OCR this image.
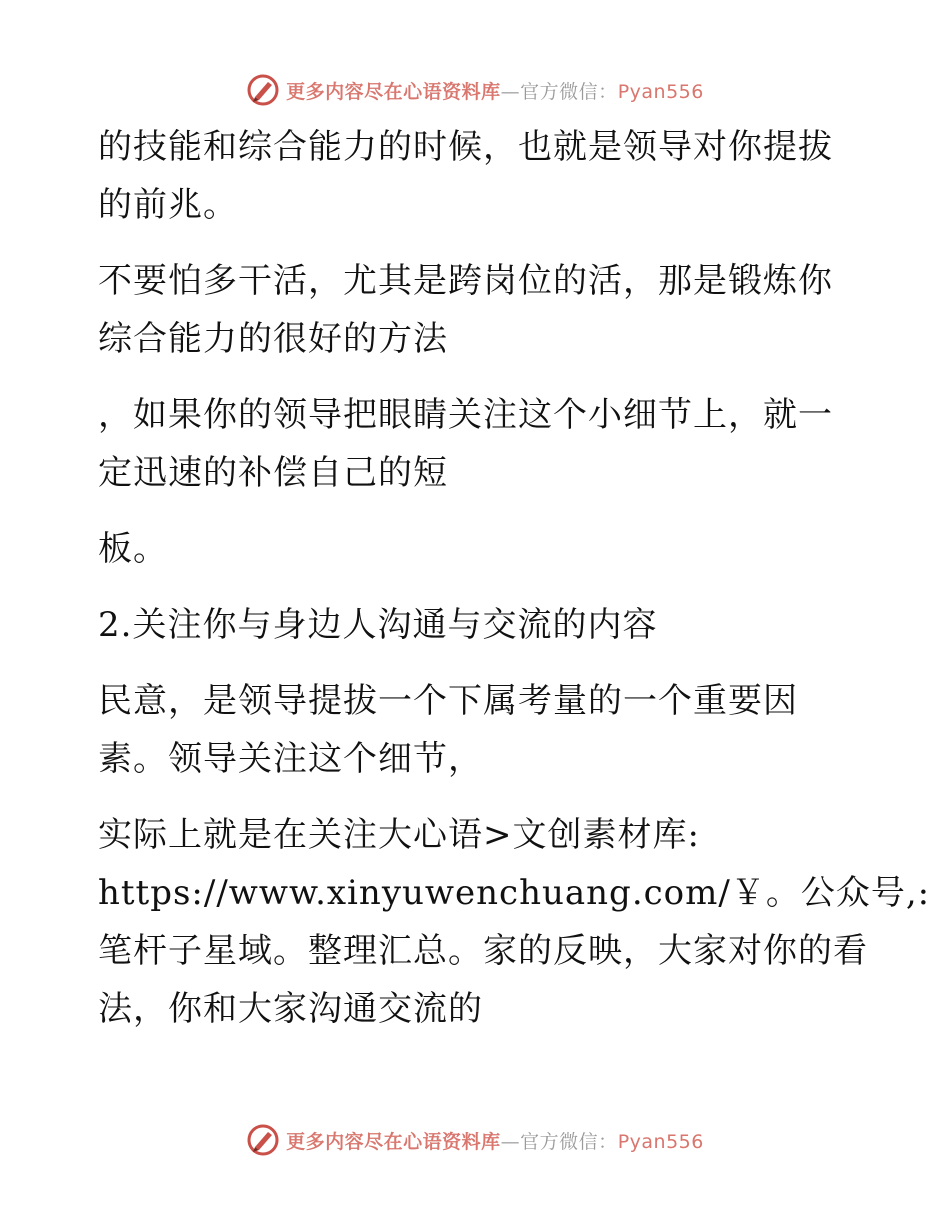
更多内容尽在心语资料库—官方微信：Pyan556

的技能和综合能力的时候，也就是领导对你提拔
的前兆。

不要怕多干活，尤其是跨岗位的活，那是锻炼你
综合能力的很好的方法

，如果你的领导把眼睛关注这个小细节上，就一
定迅速的补偿自己的短

板。

2.关注你与身边人沟通与交流的内容

民意，是领导提拔一个下属考量的一个重要因
素。领导关注这个细节，

实际上就是在关注大心语>文创素材库:
https://www.xinyuwenchuang.com/￥。公众号,:
笔杆子星域。整理汇总。家的反映，大家对你的看
法，你和大家沟通交流的

更多内容尽在心语资料库—官方微信：Pyan556
